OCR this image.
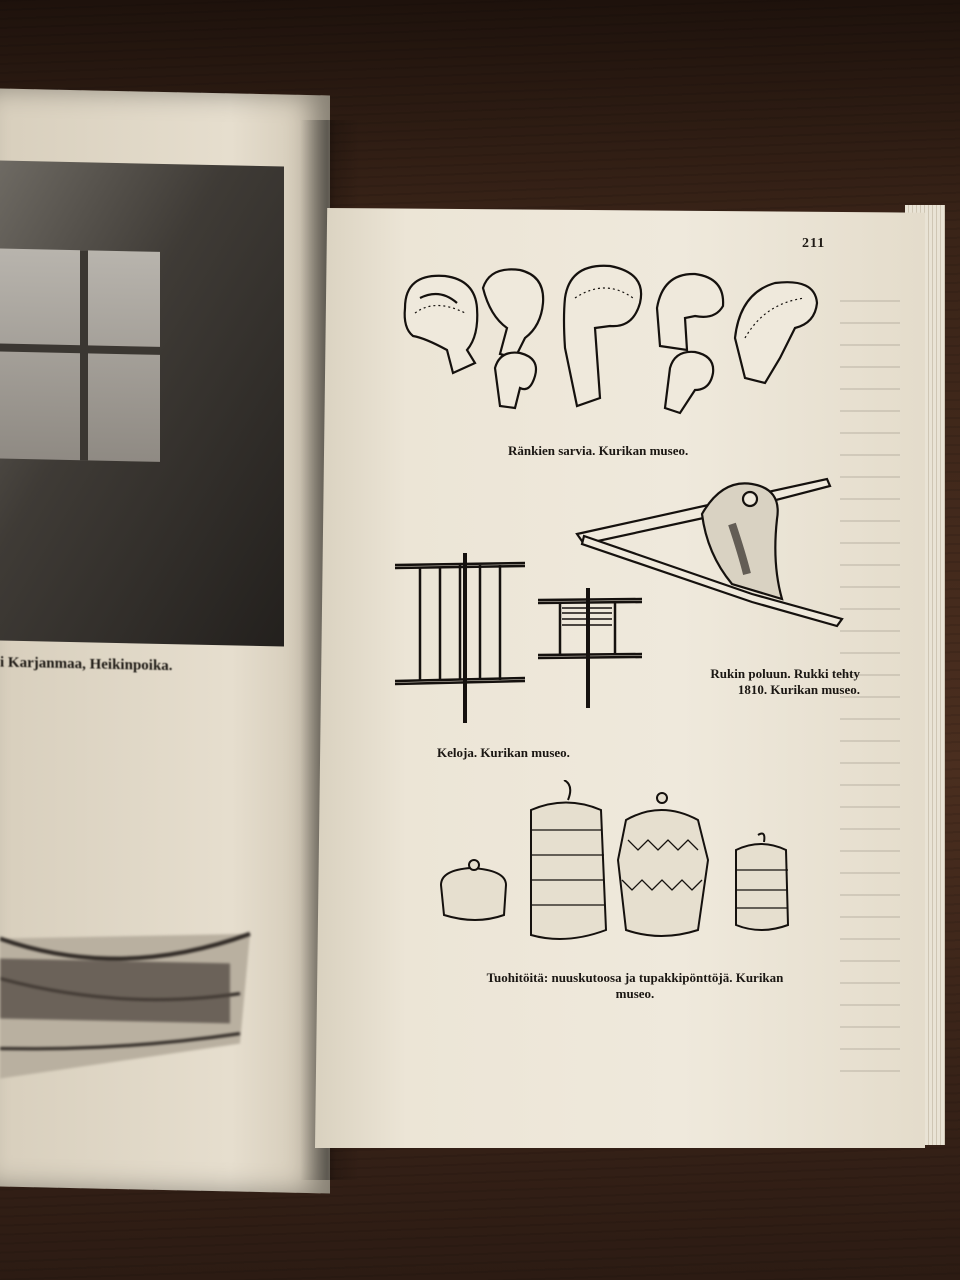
i Karjanmaa, Heikinpoika.
211
Ränkien sarvia. Kurikan museo.
Rukin poluun. Rukki tehty
1810. Kurikan museo.
Keloja. Kurikan museo.
Tuohitöitä: nuuskutoosa ja tupakkipönttöjä. Kurikan
museo.
